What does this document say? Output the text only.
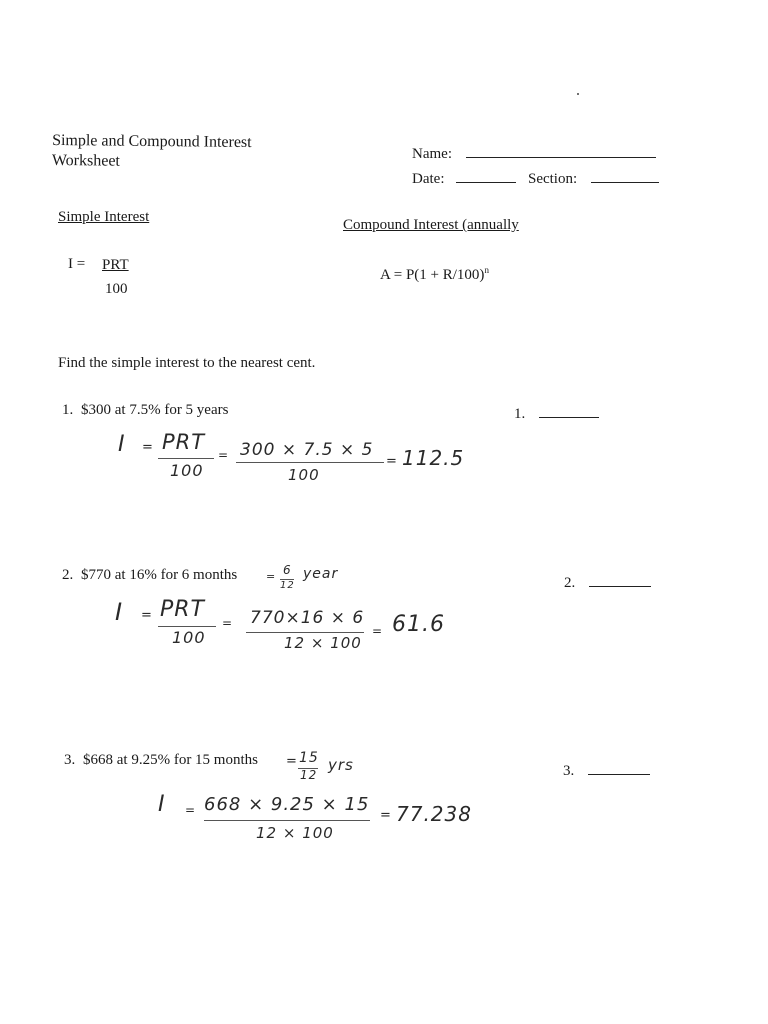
Simple and Compound Interest
Worksheet	Name:
Date:	Section:
Simple Interest	Compound Interest (annually
I = PRT
100
$A = P(1 + R/100)^n$
Find the simple interest to the nearest cent.
1. $300 at 7.5% for 5 years	1.
I = PRT
100
= 300 × 7.5 × 5
100
= 112.5
2. $770 at 16% for 6 months	= 6
12
year
2.
I = PRT
100
= 770×16 × 6
12 × 100
= 61.6
3. $668 at 9.25% for 15 months = 15
12
yrs	3.
I = 668 × 9.25 × 15
12 × 100
= 77.238
